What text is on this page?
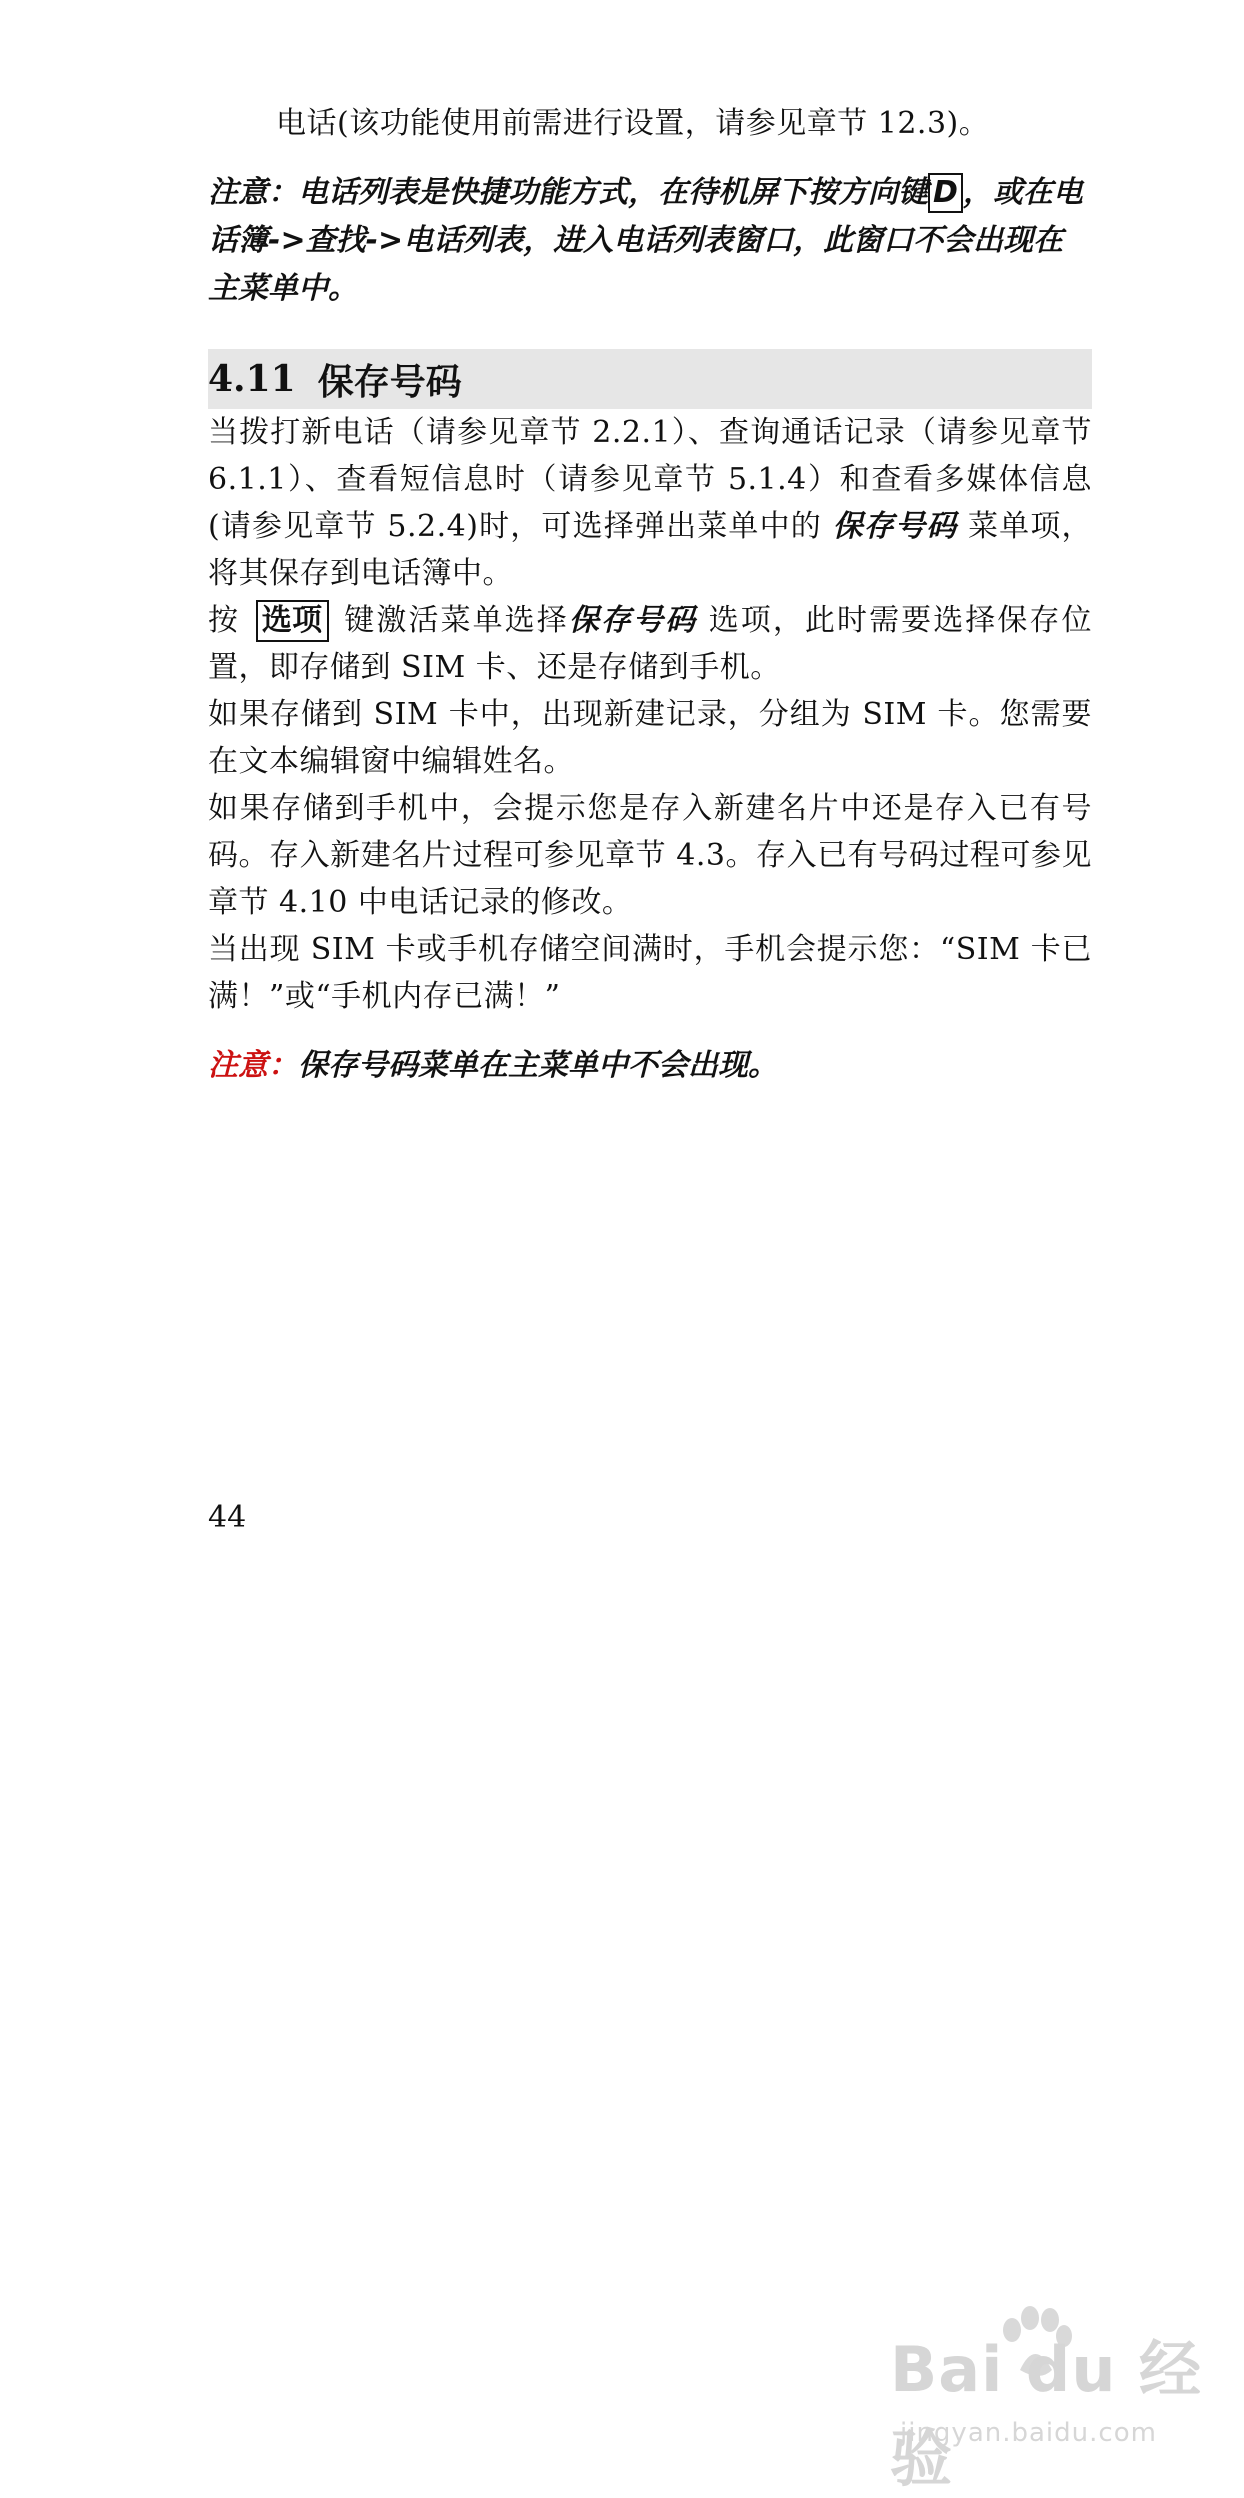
电话(该功能使用前需进行设置，请参见章节 12.3)。

注意：电话列表是快捷功能方式，在待机屏下按方向键 D ，或在电话簿->查找->电话列表，进入电话列表窗口，此窗口不会出现在主菜单中。

4.11 保存号码

当拨打新电话（请参见章节 2.2.1）、查询通话记录（请参见章节 6.1.1）、查看短信息时（请参见章节 5.1.4）和查看多媒体信息(请参见章节 5.2.4)时，可选择弹出菜单中的 保存号码 菜单项，将其保存到电话簿中。

按 选项 键激活菜单选择保存号码 选项，此时需要选择保存位置，即存储到 SIM 卡、还是存储到手机。

如果存储到 SIM 卡中，出现新建记录，分组为 SIM 卡。您需要在文本编辑窗中编辑姓名。

如果存储到手机中，会提示您是存入新建名片中还是存入已有号码。存入新建名片过程可参见章节 4.3。存入已有号码过程可参见章节 4.10 中电话记录的修改。

当出现 SIM 卡或手机存储空间满时，手机会提示您：“SIM 卡已满！”或“手机内存已满！”

注意：保存号码菜单在主菜单中不会出现。

44
Bai du 经验
jingyan.baidu.com
